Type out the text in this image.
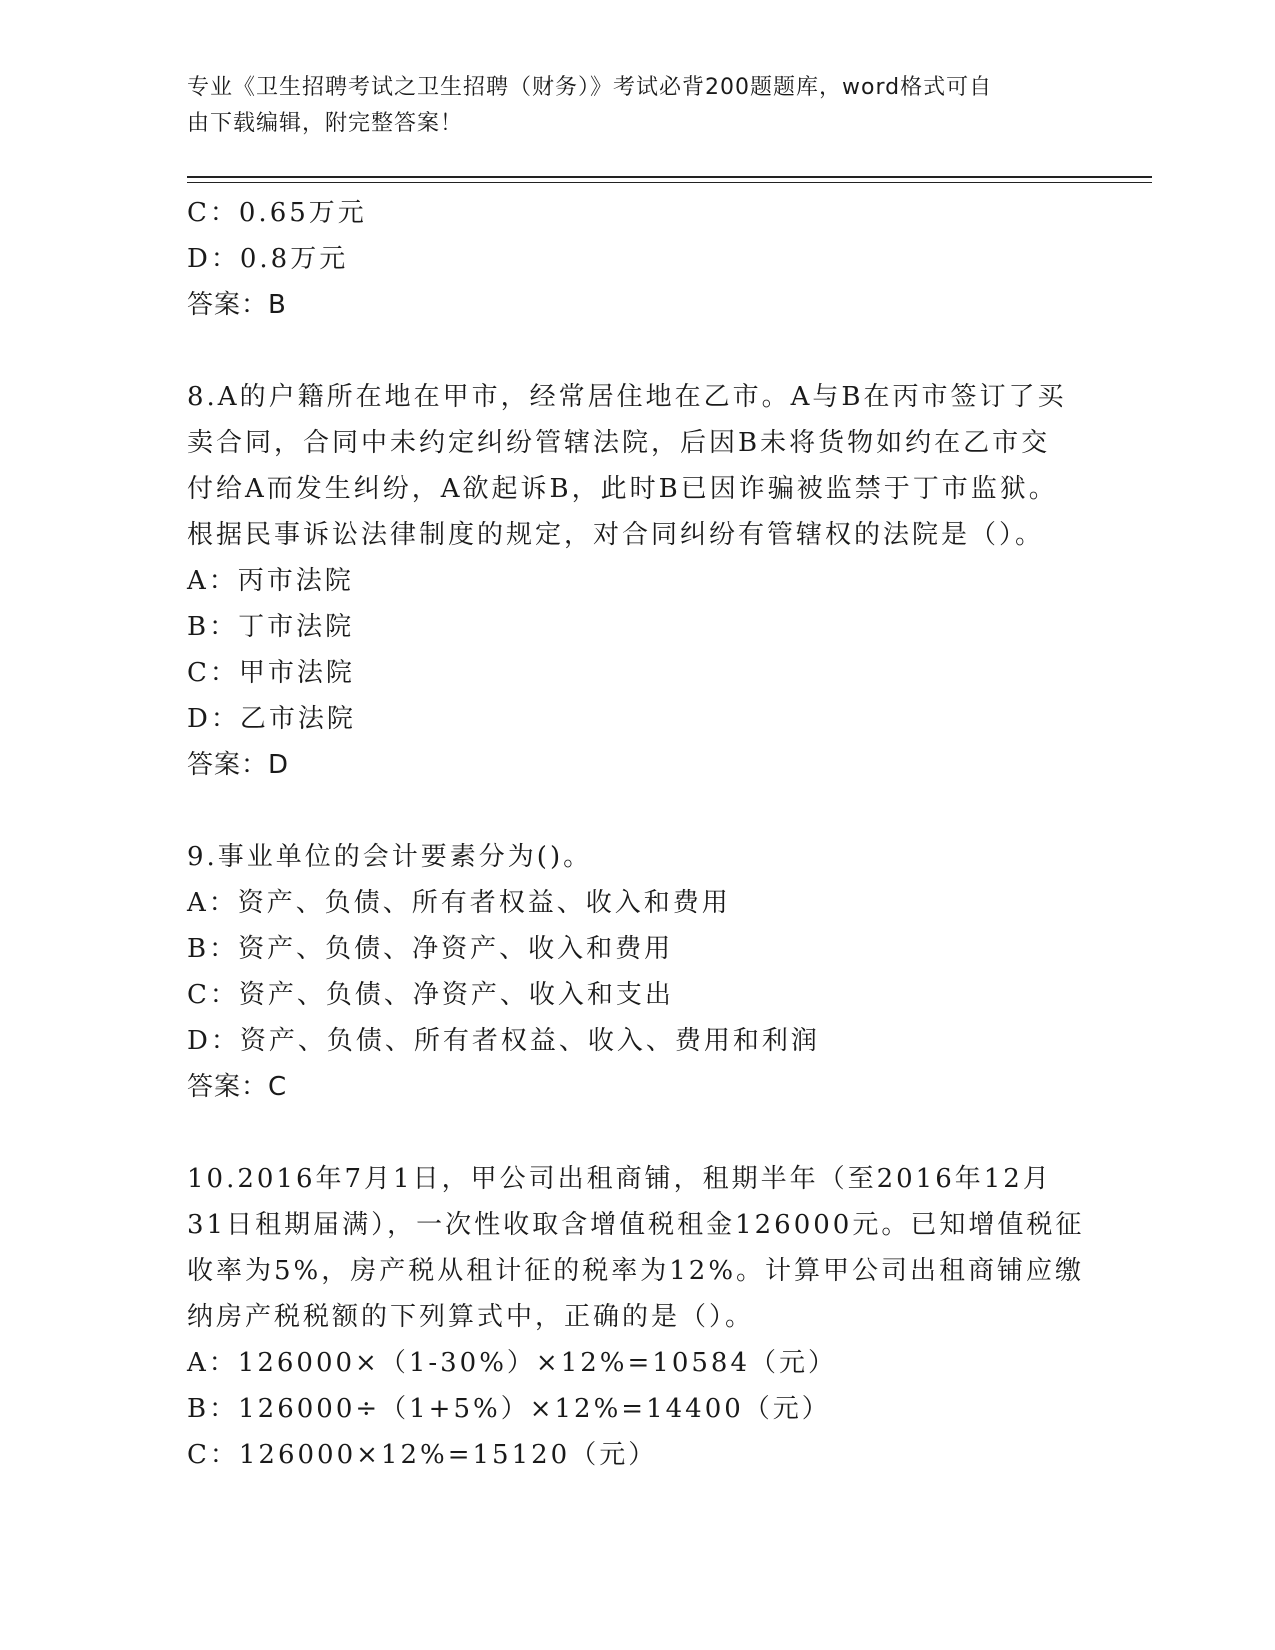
专业《卫生招聘考试之卫生招聘（财务）》考试必背200题题库，word格式可自
由下载编辑，附完整答案！
C：0.65万元
D：0.8万元
答案：B
8.A的户籍所在地在甲市，经常居住地在乙市。A与B在丙市签订了买
卖合同，合同中未约定纠纷管辖法院，后因B未将货物如约在乙市交
付给A而发生纠纷，A欲起诉B，此时B已因诈骗被监禁于丁市监狱。
根据民事诉讼法律制度的规定，对合同纠纷有管辖权的法院是（）。
A：丙市法院
B：丁市法院
C：甲市法院
D：乙市法院
答案：D
9.事业单位的会计要素分为()。
A：资产、负债、所有者权益、收入和费用
B：资产、负债、净资产、收入和费用
C：资产、负债、净资产、收入和支出
D：资产、负债、所有者权益、收入、费用和利润
答案：C
10.2016年7月1日，甲公司出租商铺，租期半年（至2016年12月
31日租期届满），一次性收取含增值税租金126000元。已知增值税征
收率为5%，房产税从租计征的税率为12%。计算甲公司出租商铺应缴
纳房产税税额的下列算式中，正确的是（）。
A：126000×（1-30%）×12%=10584（元）
B：126000÷（1+5%）×12%=14400（元）
C：126000×12%=15120（元）
